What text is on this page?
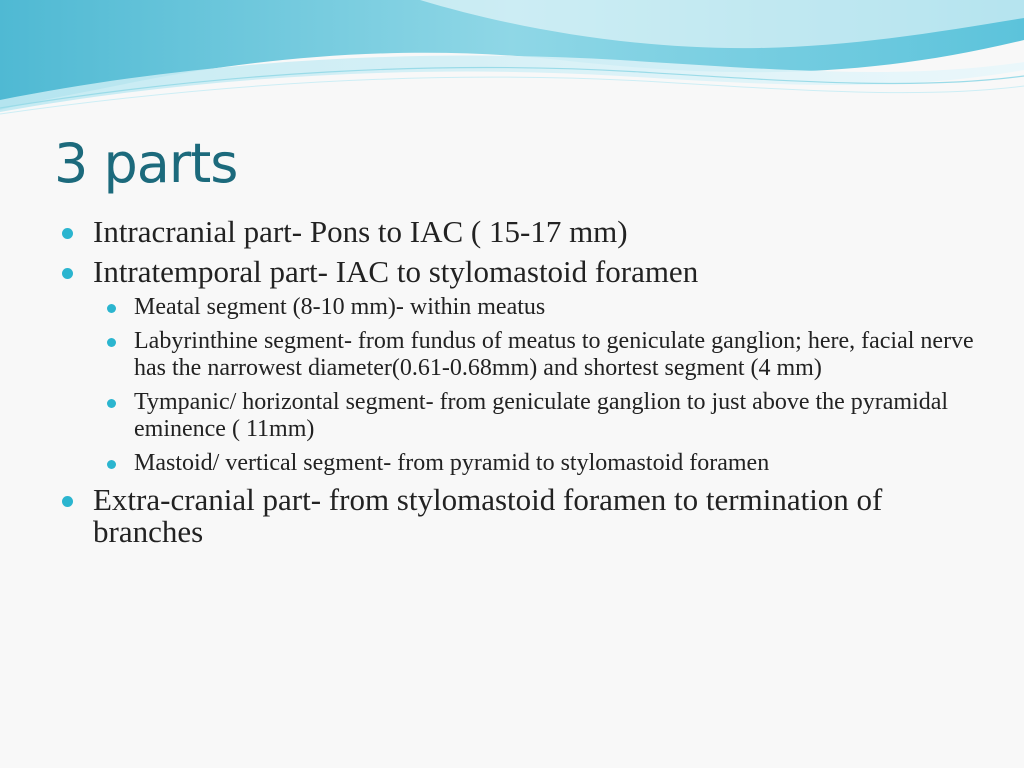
3 parts

Intracranial part- Pons to IAC ( 15-17 mm)

Intratemporal part- IAC to stylomastoid foramen

Meatal segment (8-10 mm)- within meatus

Labyrinthine segment- from fundus of meatus to geniculate ganglion; here, facial nerve has the narrowest diameter(0.61-0.68mm) and shortest segment (4 mm)

Tympanic/ horizontal segment- from geniculate ganglion to just above the pyramidal eminence ( 11mm)

Mastoid/ vertical segment- from pyramid to stylomastoid foramen

Extra-cranial part- from stylomastoid foramen to termination of branches
